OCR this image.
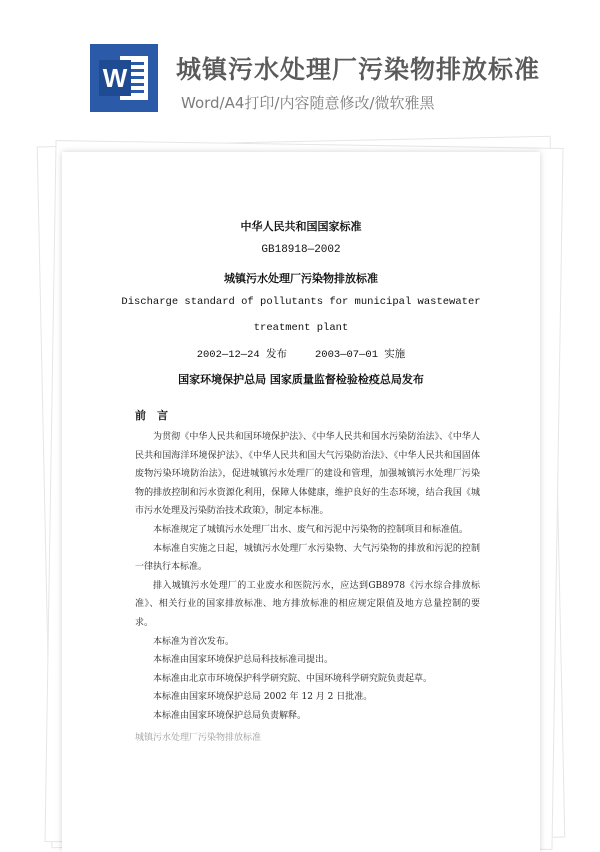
W 城镇污水处理厂污染物排放标准

Word/A4打印/内容随意修改/微软雅黑

中华人民共和国国家标准

GB18918—2002

城镇污水处理厂污染物排放标准

Discharge standard of pollutants for municipal wastewater

treatment plant

2002—12—24 发布	2003—07—01 实施

国家环境保护总局 国家质量监督检验检疫总局发布

前　言

为贯彻《中华人民共和国环境保护法》、《中华人民共和国水污染防治法》、《中华人民共和国海洋环境保护法》、《中华人民共和国大气污染防治法》、《中华人民共和国固体废物污染环境防治法》，促进城镇污水处理厂的建设和管理，加强城镇污水处理厂污染物的排放控制和污水资源化利用，保障人体健康，维护良好的生态环境，结合我国《城市污水处理及污染防治技术政策》，制定本标准。

本标准规定了城镇污水处理厂出水、废气和污泥中污染物的控制项目和标准值。

本标准自实施之日起，城镇污水处理厂水污染物、大气污染物的排放和污泥的控制一律执行本标准。

排入城镇污水处理厂的工业废水和医院污水，应达到GB8978《污水综合排放标准》、相关行业的国家排放标准、地方排放标准的相应规定限值及地方总量控制的要求。

本标准为首次发布。

本标准由国家环境保护总局科技标准司提出。

本标准由北京市环境保护科学研究院、中国环境科学研究院负责起草。

本标准由国家环境保护总局 2002 年 12 月 2 日批准。

本标准由国家环境保护总局负责解释。

城镇污水处理厂污染物排放标准
